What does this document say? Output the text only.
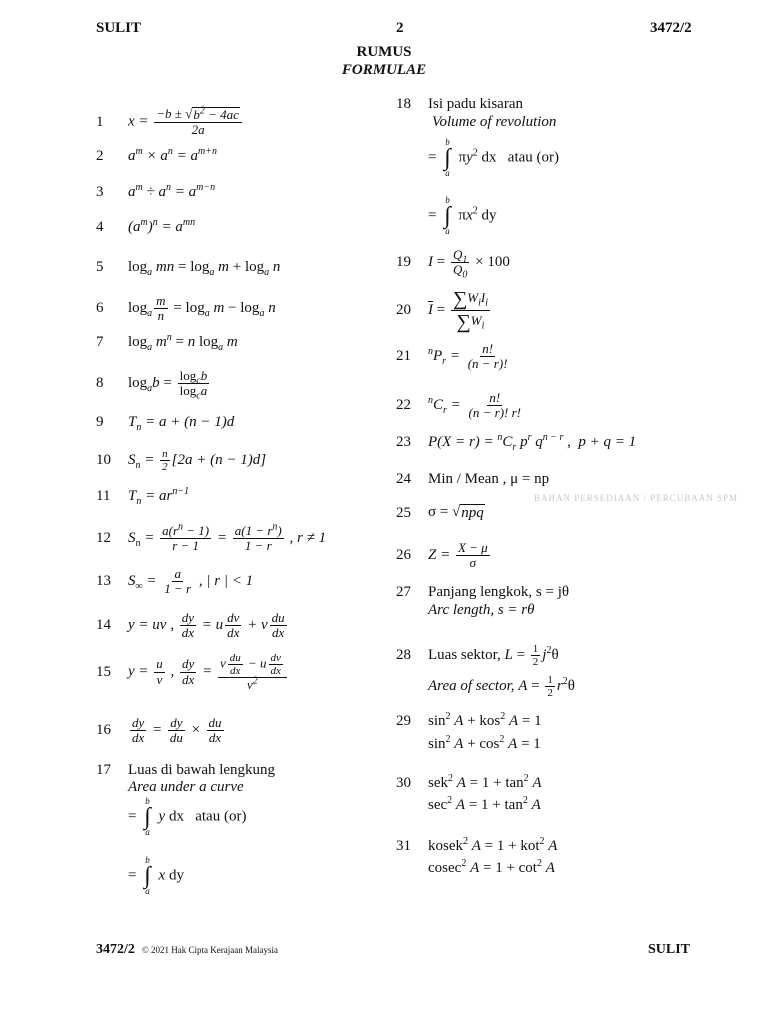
SULIT	2	3472/2
RUMUS
FORMULAE
1	$x = \frac{-b \pm √ b^2 - 4ac}{2a}$
2	$a^m \times a^n = a^{m+n}$
3	$a^m \div a^n = a^{m-n}$
4	$(a^m)^n = a^{mn}$
5	$\log_a$ mn = $\log_a m + \log_a n$
6	$\log_a \frac{m}{n} = \log_a m - \log_a n$
7	$\log_a m^n = n$ $\log_a m$
8	$\log_ab = \frac{\log_cb}{\log_ca}$
9	$T_n = a + (n - 1)d$
10	$S_n = \frac{n}{2} [2a + (n - 1)d]$
11	$T_n = ar^{n-1}$
12	$S_n = \frac{a(r^n - 1)}{r - 1} = \frac{a(1 - r^n)}{1 - r}$ , r ≠ 1
13	$S_\infty = \frac{a}{1 - r}$ , | r | < 1
14	y = uv , $\frac{dy}{dx} = u \frac{dv}{dx} + v \frac{du}{dx}$
15	$y = \frac{u}{v}$ , $\frac{dy}{dx} = \frac{v \frac{du}{dx} - u \frac{dv}{dx}}{v^2}$
16	$\frac{dy}{dx} = \frac{dy}{du} \times \frac{du}{dx}$
17	Luas di bawah lengkung
Area under a curve
=
b
∫
a
y dx   atau (or)
=
b
∫
a
x dy
18	Isi padu kisaran
Volume of revolution
=
b
∫
a
$\pi y^2$ dx   atau (or)
=
b
∫
a
$\pi x^2$ dy
19	$I = \frac{Q_1}{Q_0} \times 100$
20	$\overline{I} = \frac{\sum W_iI_i}{\sum W_i}$
21	$^nP_r = \frac{n!}{(n - r)!}$
22	$^nC_r = \frac{n!}{(n - r)! r!}$
23	$P(X = r) = ^nC_r$ $p^r$ $q^{n - r}$ ,  p + q = 1
24	Min / Mean , μ = np
BAHAN PERSEDIAAN / PERCUBAAN SPM
25	σ = √ npq
26	$Z = \frac{X - \mu}{\sigma}$
27	Panjang lengkok, s = jθ
Arc length, s = rθ
28	Luas sektor, $L = \frac{1}{2} j^2\theta$
Area of sector, $A = \frac{1}{2} r^2\theta$
29	$\sin^2 A + kos^2$ A = 1
$\sin^2 A + \cos^2 A = 1$
30	sek$^2$ $A = 1 + \tan^2 A$
$\sec^2 A = 1 + \tan^2 A$
31	kosek$^2$ A = 1 + kot$^2$ A
cosec$^2$ $A = 1 + \cot^2 A$
3472/2 © 2021 Hak Cipta Kerajaan Malaysia	SULIT
